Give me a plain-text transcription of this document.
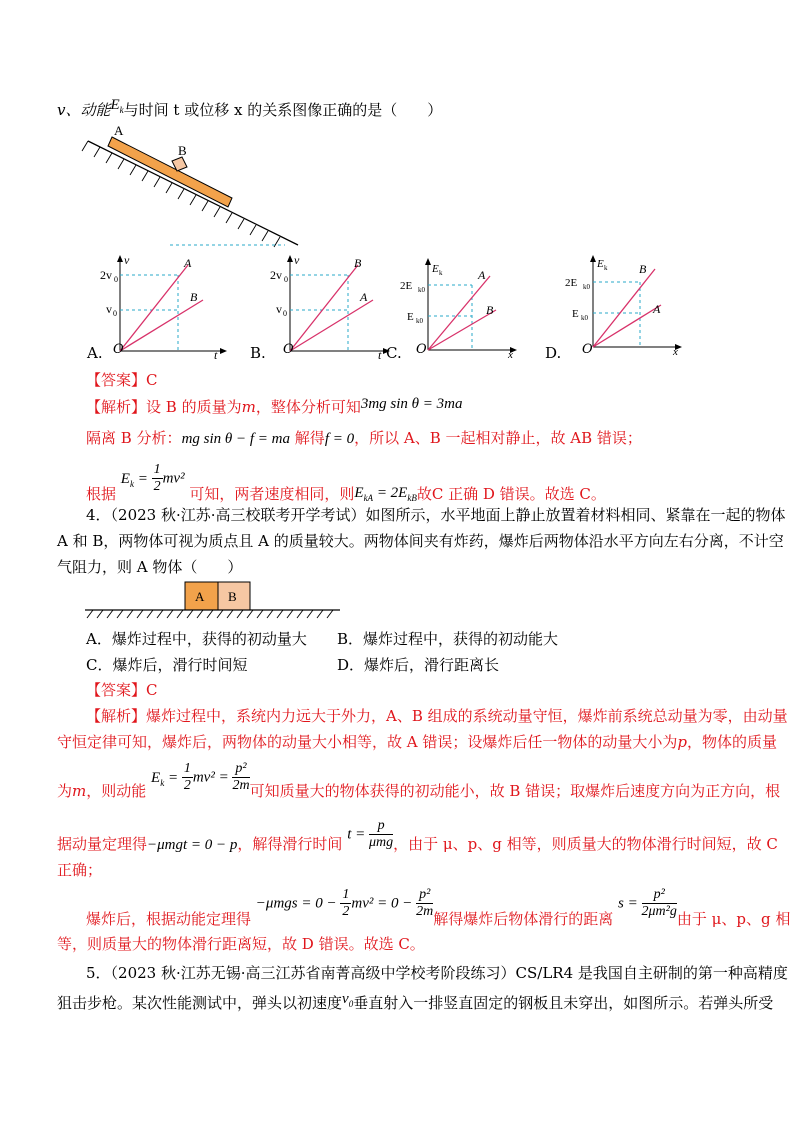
v、动能$E_k$与时间 t 或位移 x 的关系图像正确的是（　　）
A
B
v
2v 0
v 0
A
B
t
A. O
v
2v 0
v 0
B
A
t
B. O
E k
2E k0
E k0
A
B
x
C. O
E k
2E k0
E k0
B
A
x
D. O
【答案】C
【解析】设 B 的质量为m，整体分析可知3mg sin θ = 3ma
隔离 B 分析：mg sin θ − f = ma 解得f = 0，所以 A、B 一起相对静止，故 AB 错误；
根据 $E_k = \frac{1}{2} mv^2$ 可知，两者速度相同，则$E_{kA} = 2E_{kB}$故C 正确 D 错误。故选 C。
4．（2023 秋·江苏·高三校联考开学考试）如图所示，水平地面上静止放置着材料相同、紧靠在一起的物体
A 和 B，两物体可视为质点且 A 的质量较大。两物体间夹有炸药，爆炸后两物体沿水平方向左右分离，不计空
气阻力，则 A 物体（　　）
A B
A．爆炸过程中，获得的初动量大 B．爆炸过程中，获得的初动能大
C．爆炸后，滑行时间短	D．爆炸后，滑行距离长
【答案】C
【解析】爆炸过程中，系统内力远大于外力，A、B 组成的系统动量守恒，爆炸前系统总动量为零，由动量
守恒定律可知，爆炸后，两物体的动量大小相等，故 A 错误；设爆炸后任一物体的动量大小为p，物体的质量
为m，则动能 $E_k = \frac{1}{2} mv^2 = \frac{\text{p²}}{2m}$ 可知质量大的物体获得的初动能小，故 B 错误；取爆炸后速度方向为正方向，根
据动量定理得−μmgt = 0 − p，解得滑行时间 $t = \frac{p}{\text{μmg}}$ ，由于 μ、p、g 相等，则质量大的物体滑行时间短，故 C
正确；
爆炸后，根据动能定理得 $-\mu mgs = 0 - \frac{1}{2} mv^2 = 0 - \frac{\text{p²}}{2m}$ 解得爆炸后物体滑行的距离 $s = \frac{\text{p²}}{\text{2μm²g}}$ 由于 μ、p、g 相
等，则质量大的物体滑行距离短，故 D 错误。故选 C。
5．（2023 秋·江苏无锡·高三江苏省南菁高级中学校考阶段练习）CS/LR4 是我国自主研制的第一种高精度
狙击步枪。某次性能测试中，弹头以初速度$v_0$垂直射入一排竖直固定的钢板且未穿出，如图所示。若弹头所受
